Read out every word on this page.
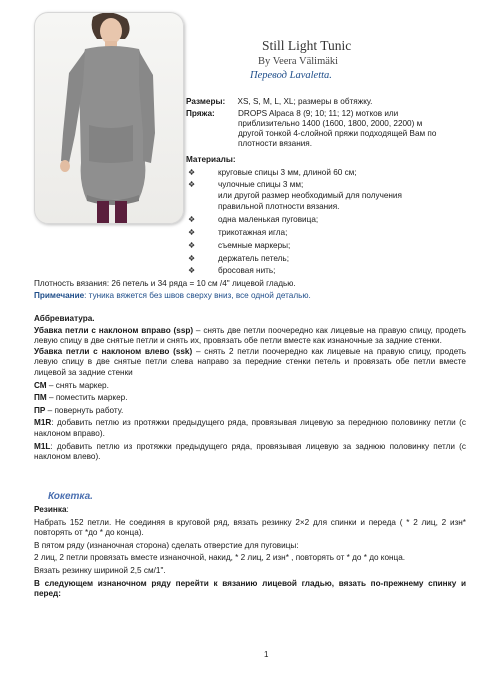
Still Light Tunic
By Veera Välimäki
Перевод Lavaletta.
Размеры: XS, S, M, L, XL; размеры в обтяжку.
Пряжа:	DROPS Alpaca 8 (9; 10; 11; 12) мотков или
приблизительно 1400 (1600, 1800, 2000, 2200) м
другой тонкой 4-слойной пряжи подходящей Вам по
плотности вязания.
Материалы:
❖	круговые спицы 3 мм, длиной 60 см;
❖	чулочные спицы 3 мм;
или другой размер необходимый для получения
правильной плотности вязания.
❖	одна маленькая пуговица;
❖	трикотажная игла;
❖	съемные маркеры;
❖	держатель петель;
❖	бросовая нить;
Плотность вязания: 26 петель и 34 ряда = 10 см /4" лицевой гладью.
Примечание: туника вяжется без швов сверху вниз, все одной деталью.

Аббревиатура.

Убавка петли с наклоном вправо (ssp) – снять две петли поочередно как лицевые на правую спицу, продеть левую спицу в две снятые петли и снять их, провязать обе петли вместе как изнаночные за задние стенки.

Убавка петли с наклоном влево (ssk) – снять 2 петли поочередно как лицевые на правую спицу, продеть левую спицу в две снятые петли слева направо за передние стенки петель и провязать обе петли вместе лицевой за задние стенки

СМ – снять маркер.

ПМ – поместить маркер.

ПР – повернуть работу.

M1R: добавить петлю из протяжки предыдущего ряда, провязывая лицевую за переднюю половинку петли (с наклоном вправо).

M1L: добавить петлю из протяжки предыдущего ряда, провязывая лицевую за заднюю половинку петли (с наклоном влево).

Кокетка.

Резинка:

Набрать 152 петли. Не соединяя в круговой ряд, вязать резинку 2×2 для спинки и переда ( * 2 лиц, 2 изн* повторять от *до * до конца).

В пятом ряду (изнаночная сторона) сделать отверстие для пуговицы:

2 лиц, 2 петли провязать вместе изнаночной, накид, * 2 лиц, 2 изн* , повторять от * до * до конца.

Вязать резинку шириной 2,5 см/1".

В следующем изнаночном ряду перейти к вязанию лицевой гладью, вязать по-прежнему спинку и перед:

1
